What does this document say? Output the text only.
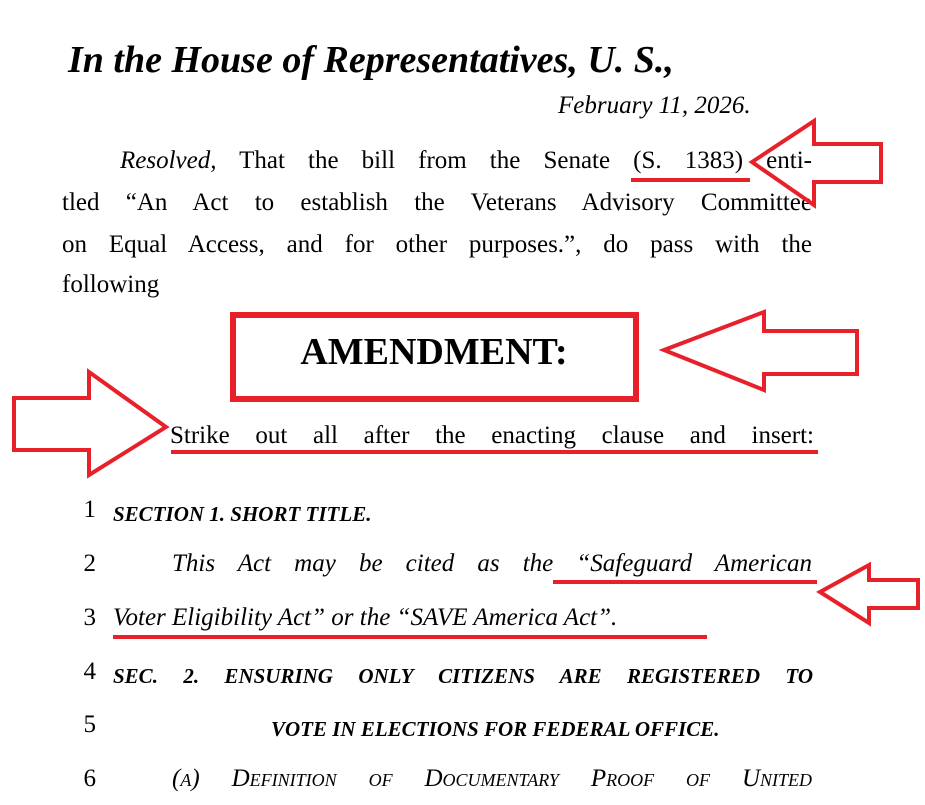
In the House of Representatives, U. S.,
February 11, 2026.
Resolved, That the bill from the Senate (S. 1383) enti-
tled “An Act to establish the Veterans Advisory Committee
on Equal Access, and for other purposes.”, do pass with the
following
AMENDMENT:
Strike out all after the enacting clause and insert:
1
2
3
4
5
6
SECTION 1. SHORT TITLE.
This Act may be cited as the “Safeguard American
Voter Eligibility Act” or the “SAVE America Act”.
SEC. 2. ENSURING ONLY CITIZENS ARE REGISTERED TO
VOTE IN ELECTIONS FOR FEDERAL OFFICE.
(a) Definition of Documentary Proof of United
